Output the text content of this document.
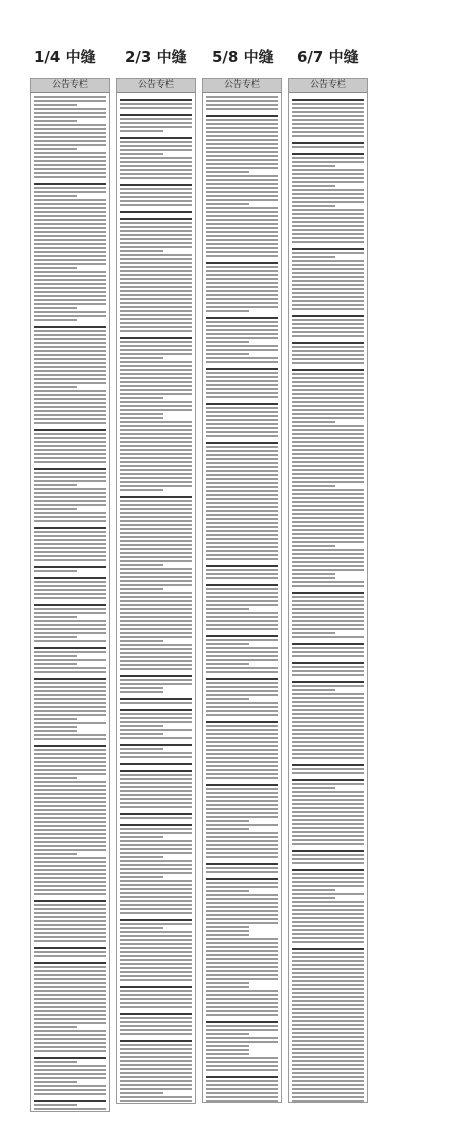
1/4 中缝 2/3 中缝 5/8 中缝 6/7 中缝
公告专栏	公告专栏	公告专栏	公告专栏
